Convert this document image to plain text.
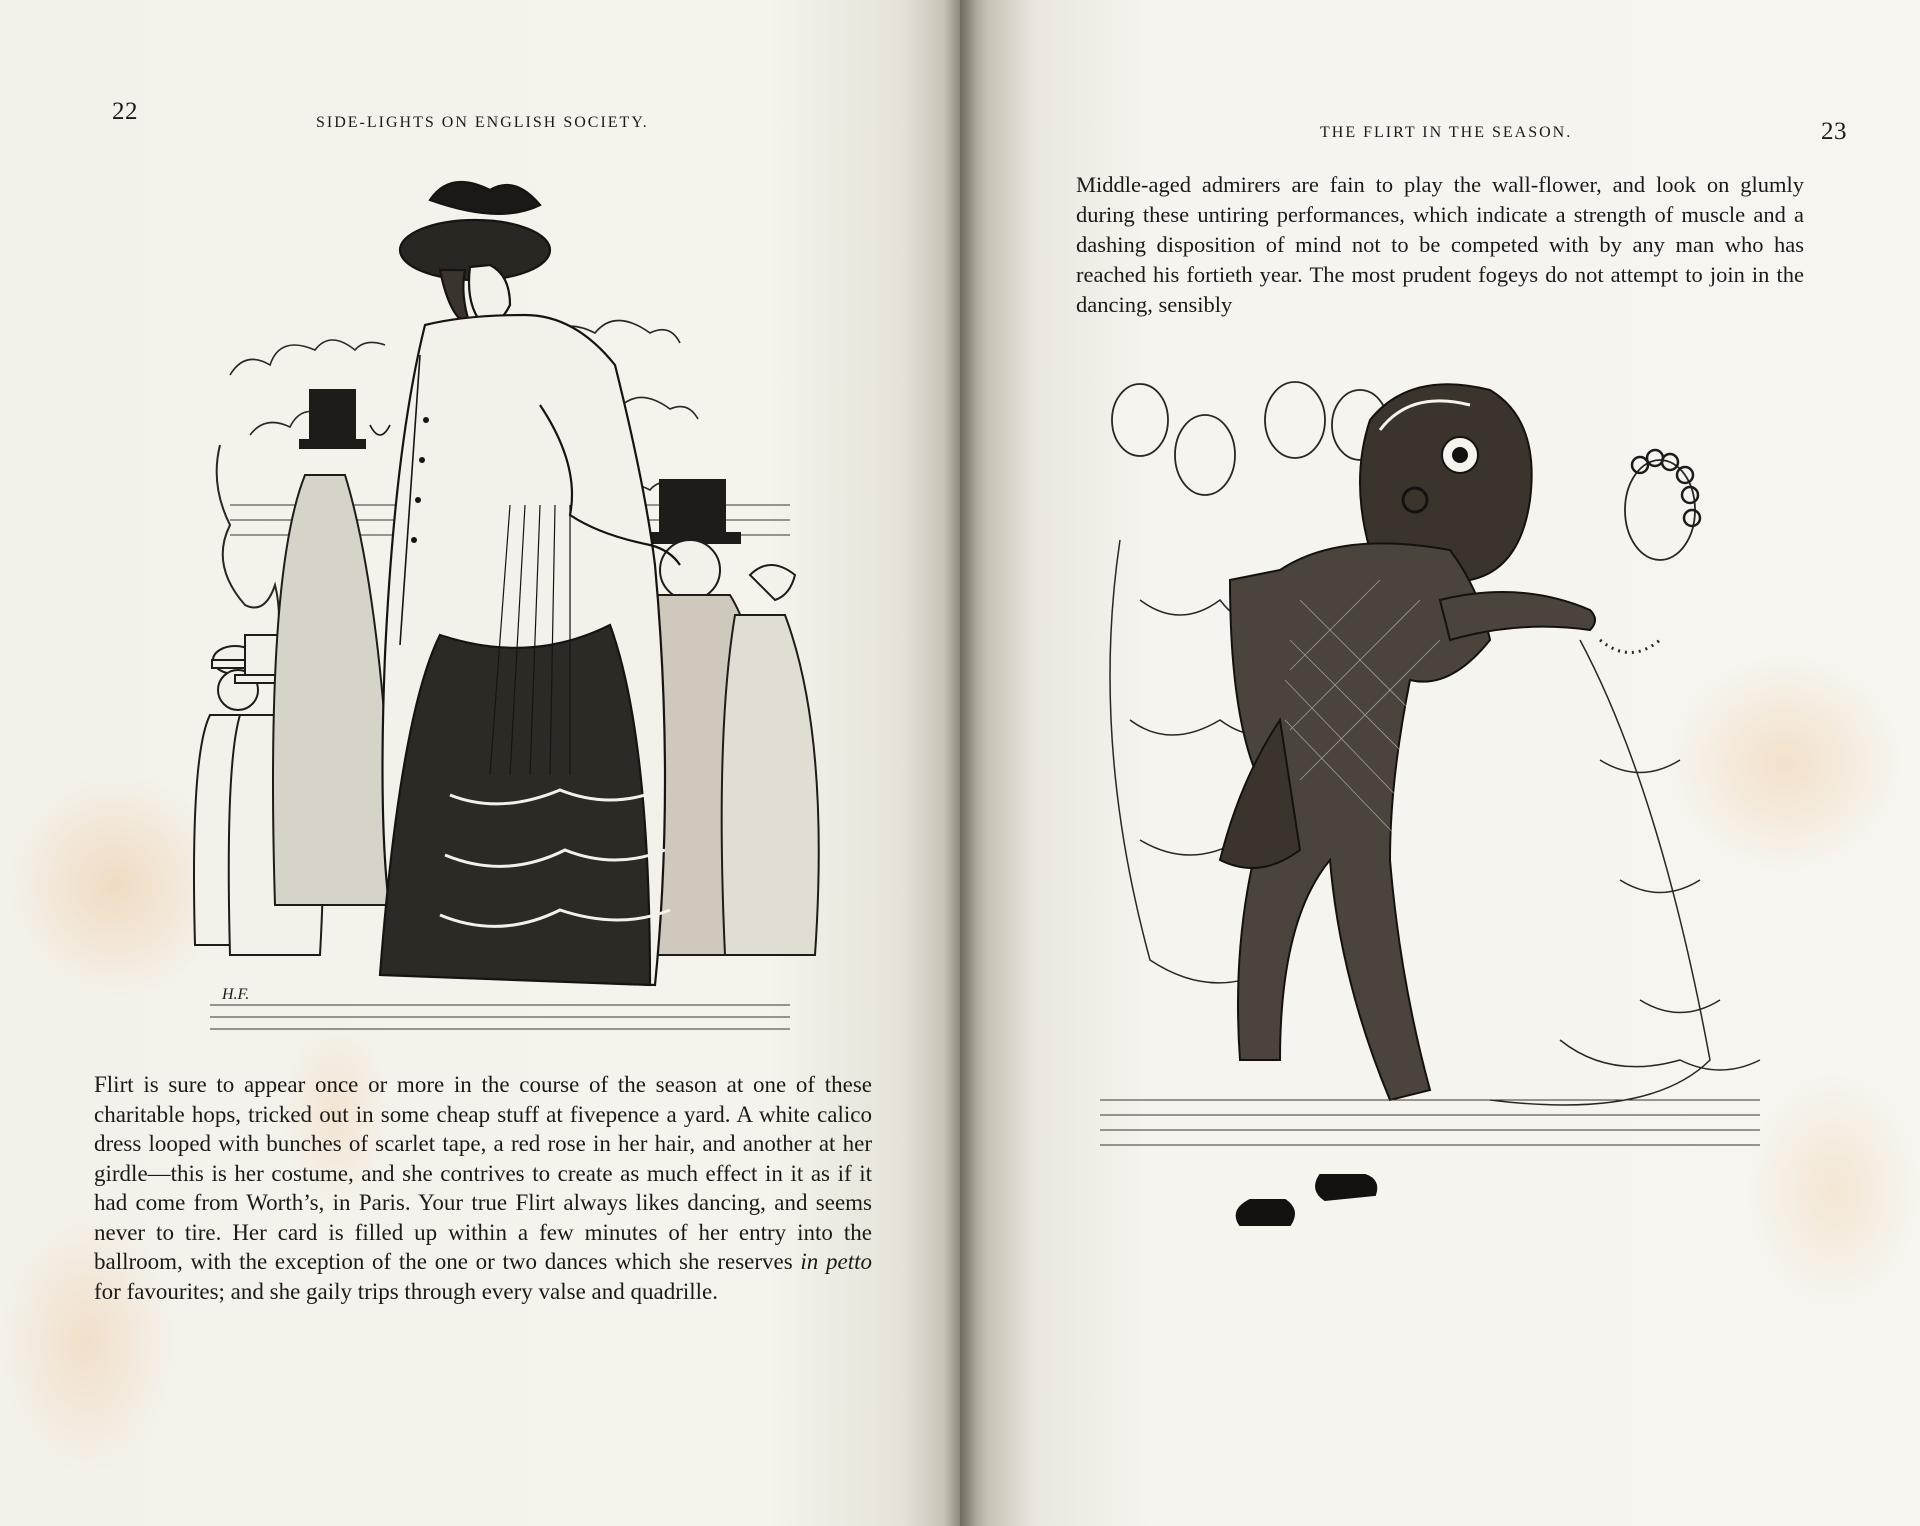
22	SIDE-LIGHTS ON ENGLISH SOCIETY.
H.F.
Flirt is sure to appear once or more in the course of the season at one of these charitable hops, tricked out in some cheap stuff at fivepence a yard. A white calico dress looped with bunches of scarlet tape, a red rose in her hair, and another at her girdle—this is her costume, and she contrives to create as much effect in it as if it had come from Worth’s, in Paris. Your true Flirt always likes dancing, and seems never to tire. Her card is filled up within a few minutes of her entry into the ballroom, with the exception of the one or two dances which she reserves in petto for favourites; and she gaily trips through every valse and quadrille.
THE FLIRT IN THE SEASON.	23
Middle-aged admirers are fain to play the wall-flower, and look on glumly during these untiring performances, which indicate a strength of muscle and a dashing disposition of mind not to be competed with by any man who has reached his fortieth year. The most prudent fogeys do not attempt to join in the dancing, sensibly
